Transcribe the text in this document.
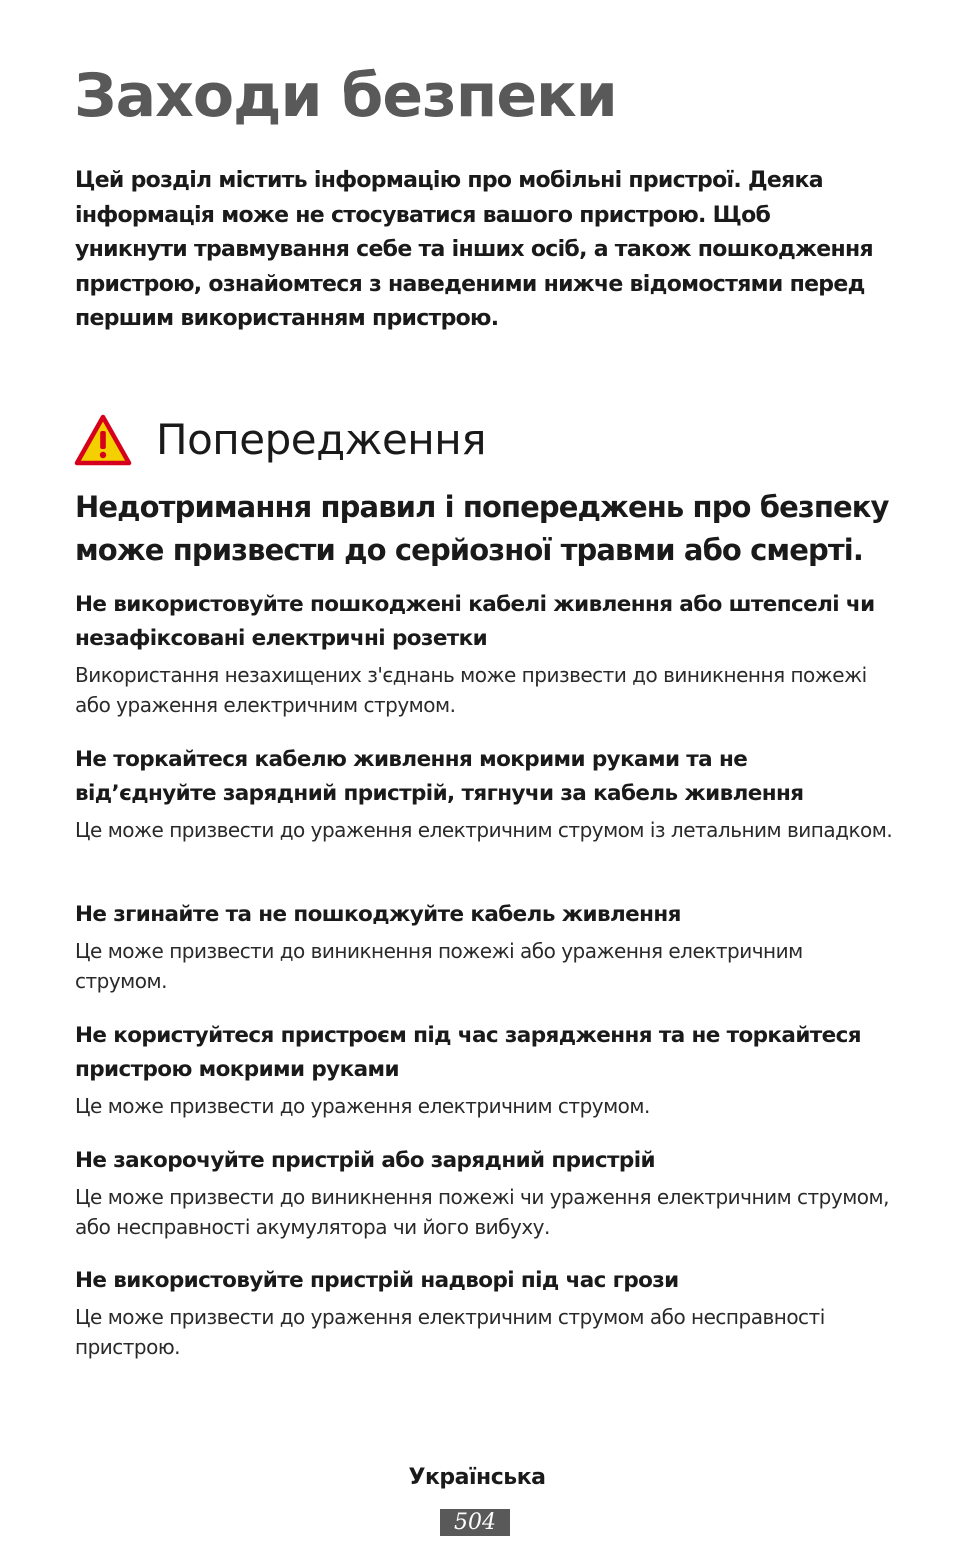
Заходи безпеки

Цей розділ містить інформацію про мобільні пристрої. Деяка інформація може не стосуватися вашого пристрою. Щоб уникнути травмування себе та інших осіб, а також пошкодження пристрою, ознайомтеся з наведеними нижче відомостями перед першим використанням пристрою.

Попередження

Недотримання правил і попереджень про безпеку може призвести до серйозної травми або смерті.

Не використовуйте пошкоджені кабелі живлення або штепселі чи незафіксовані електричні розетки

Використання незахищених з'єднань може призвести до виникнення пожежі або ураження електричним струмом.

Не торкайтеся кабелю живлення мокрими руками та не від’єднуйте зарядний пристрій, тягнучи за кабель живлення

Це може призвести до ураження електричним струмом із летальним випадком.

Не згинайте та не пошкоджуйте кабель живлення

Це може призвести до виникнення пожежі або ураження електричним струмом.

Не користуйтеся пристроєм під час зарядження та не торкайтеся пристрою мокрими руками

Це може призвести до ураження електричним струмом.

Не закорочуйте пристрій або зарядний пристрій

Це може призвести до виникнення пожежі чи ураження електричним струмом, або несправності акумулятора чи його вибуху.

Не використовуйте пристрій надворі під час грози

Це може призвести до ураження електричним струмом або несправності пристрою.

Українська
504
